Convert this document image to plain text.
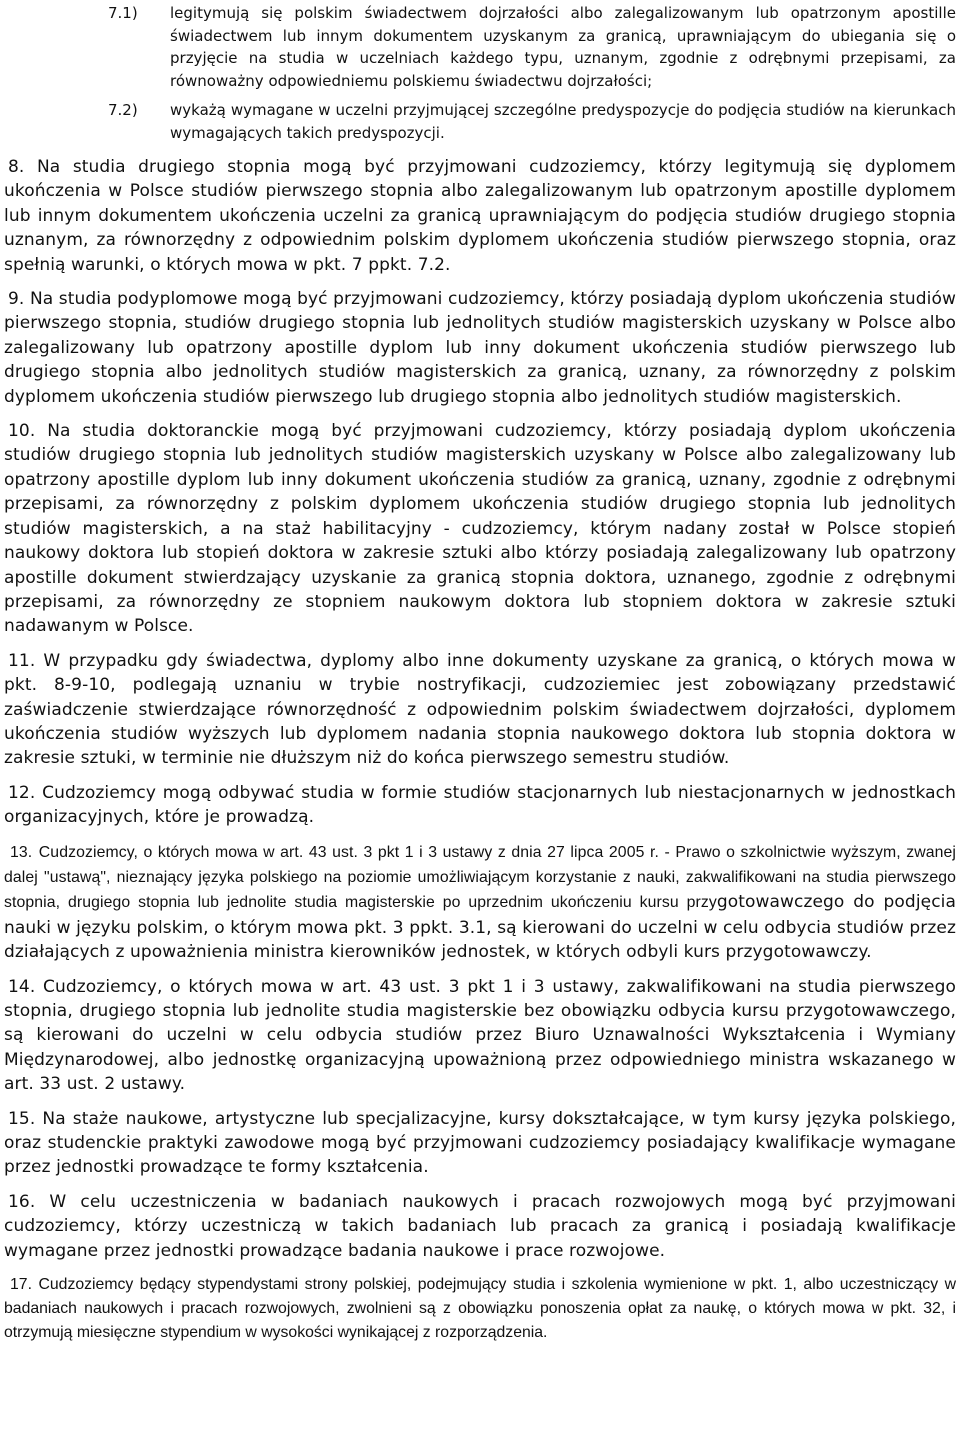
7.1) legitymują się polskim świadectwem dojrzałości albo zalegalizowanym lub opatrzonym apostille świadectwem lub innym dokumentem uzyskanym za granicą, uprawniającym do ubiegania się o przyjęcie na studia w uczelniach każdego typu, uznanym, zgodnie z odrębnymi przepisami, za równoważny odpowiedniemu polskiemu świadectwu dojrzałości;
7.2) wykażą wymagane w uczelni przyjmującej szczególne predyspozycje do podjęcia studiów na kierunkach wymagających takich predyspozycji.
8. Na studia drugiego stopnia mogą być przyjmowani cudzoziemcy, którzy legitymują się dyplomem ukończenia w Polsce studiów pierwszego stopnia albo zalegalizowanym lub opatrzonym apostille dyplomem lub innym dokumentem ukończenia uczelni za granicą uprawniającym do podjęcia studiów drugiego stopnia uznanym, za równorzędny z odpowiednim polskim dyplomem ukończenia studiów pierwszego stopnia, oraz spełnią warunki, o których mowa w pkt. 7 ppkt. 7.2.
9. Na studia podyplomowe mogą być przyjmowani cudzoziemcy, którzy posiadają dyplom ukończenia studiów pierwszego stopnia, studiów drugiego stopnia lub jednolitych studiów magisterskich uzyskany w Polsce albo zalegalizowany lub opatrzony apostille dyplom lub inny dokument ukończenia studiów pierwszego lub drugiego stopnia albo jednolitych studiów magisterskich za granicą, uznany, za równorzędny z polskim dyplomem ukończenia studiów pierwszego lub drugiego stopnia albo jednolitych studiów magisterskich.
10. Na studia doktoranckie mogą być przyjmowani cudzoziemcy, którzy posiadają dyplom ukończenia studiów drugiego stopnia lub jednolitych studiów magisterskich uzyskany w Polsce albo zalegalizowany lub opatrzony apostille dyplom lub inny dokument ukończenia studiów za granicą, uznany, zgodnie z odrębnymi przepisami, za równorzędny z polskim dyplomem ukończenia studiów drugiego stopnia lub jednolitych studiów magisterskich, a na staż habilitacyjny - cudzoziemcy, którym nadany został w Polsce stopień naukowy doktora lub stopień doktora w zakresie sztuki albo którzy posiadają zalegalizowany lub opatrzony apostille dokument stwierdzający uzyskanie za granicą stopnia doktora, uznanego, zgodnie z odrębnymi przepisami, za równorzędny ze stopniem naukowym doktora lub stopniem doktora w zakresie sztuki nadawanym w Polsce.
11. W przypadku gdy świadectwa, dyplomy albo inne dokumenty uzyskane za granicą, o których mowa w pkt. 8-9-10, podlegają uznaniu w trybie nostryfikacji, cudzoziemiec jest zobowiązany przedstawić zaświadczenie stwierdzające równorzędność z odpowiednim polskim świadectwem dojrzałości, dyplomem ukończenia studiów wyższych lub dyplomem nadania stopnia naukowego doktora lub stopnia doktora w zakresie sztuki, w terminie nie dłuższym niż do końca pierwszego semestru studiów.
12. Cudzoziemcy mogą odbywać studia w formie studiów stacjonarnych lub niestacjonarnych w jednostkach organizacyjnych, które je prowadzą.
13. Cudzoziemcy, o których mowa w art. 43 ust. 3 pkt 1 i 3 ustawy z dnia 27 lipca 2005 r. - Prawo o szkolnictwie wyższym, zwanej dalej "ustawą", nieznający języka polskiego na poziomie umożliwiającym korzystanie z nauki, zakwalifikowani na studia pierwszego stopnia, drugiego stopnia lub jednolite studia magisterskie po uprzednim ukończeniu kursu przygotowawczego do podjęcia nauki w języku polskim, o którym mowa pkt. 3 ppkt. 3.1, są kierowani do uczelni w celu odbycia studiów przez działających z upoważnienia ministra kierowników jednostek, w których odbyli kurs przygotowawczy.
14. Cudzoziemcy, o których mowa w art. 43 ust. 3 pkt 1 i 3 ustawy, zakwalifikowani na studia pierwszego stopnia, drugiego stopnia lub jednolite studia magisterskie bez obowiązku odbycia kursu przygotowawczego, są kierowani do uczelni w celu odbycia studiów przez Biuro Uznawalności Wykształcenia i Wymiany Międzynarodowej, albo jednostkę organizacyjną upoważnioną przez odpowiedniego ministra wskazanego w art. 33 ust. 2 ustawy.
15. Na staże naukowe, artystyczne lub specjalizacyjne, kursy dokształcające, w tym kursy języka polskiego, oraz studenckie praktyki zawodowe mogą być przyjmowani cudzoziemcy posiadający kwalifikacje wymagane przez jednostki prowadzące te formy kształcenia.
16. W celu uczestniczenia w badaniach naukowych i pracach rozwojowych mogą być przyjmowani cudzoziemcy, którzy uczestniczą w takich badaniach lub pracach za granicą i posiadają kwalifikacje wymagane przez jednostki prowadzące badania naukowe i prace rozwojowe.
17. Cudzoziemcy będący stypendystami strony polskiej, podejmujący studia i szkolenia wymienione w pkt. 1, albo uczestniczący w badaniach naukowych i pracach rozwojowych, zwolnieni są z obowiązku ponoszenia opłat za naukę, o których mowa w pkt. 32, i otrzymują miesięczne stypendium w wysokości wynikającej z rozporządzenia.
